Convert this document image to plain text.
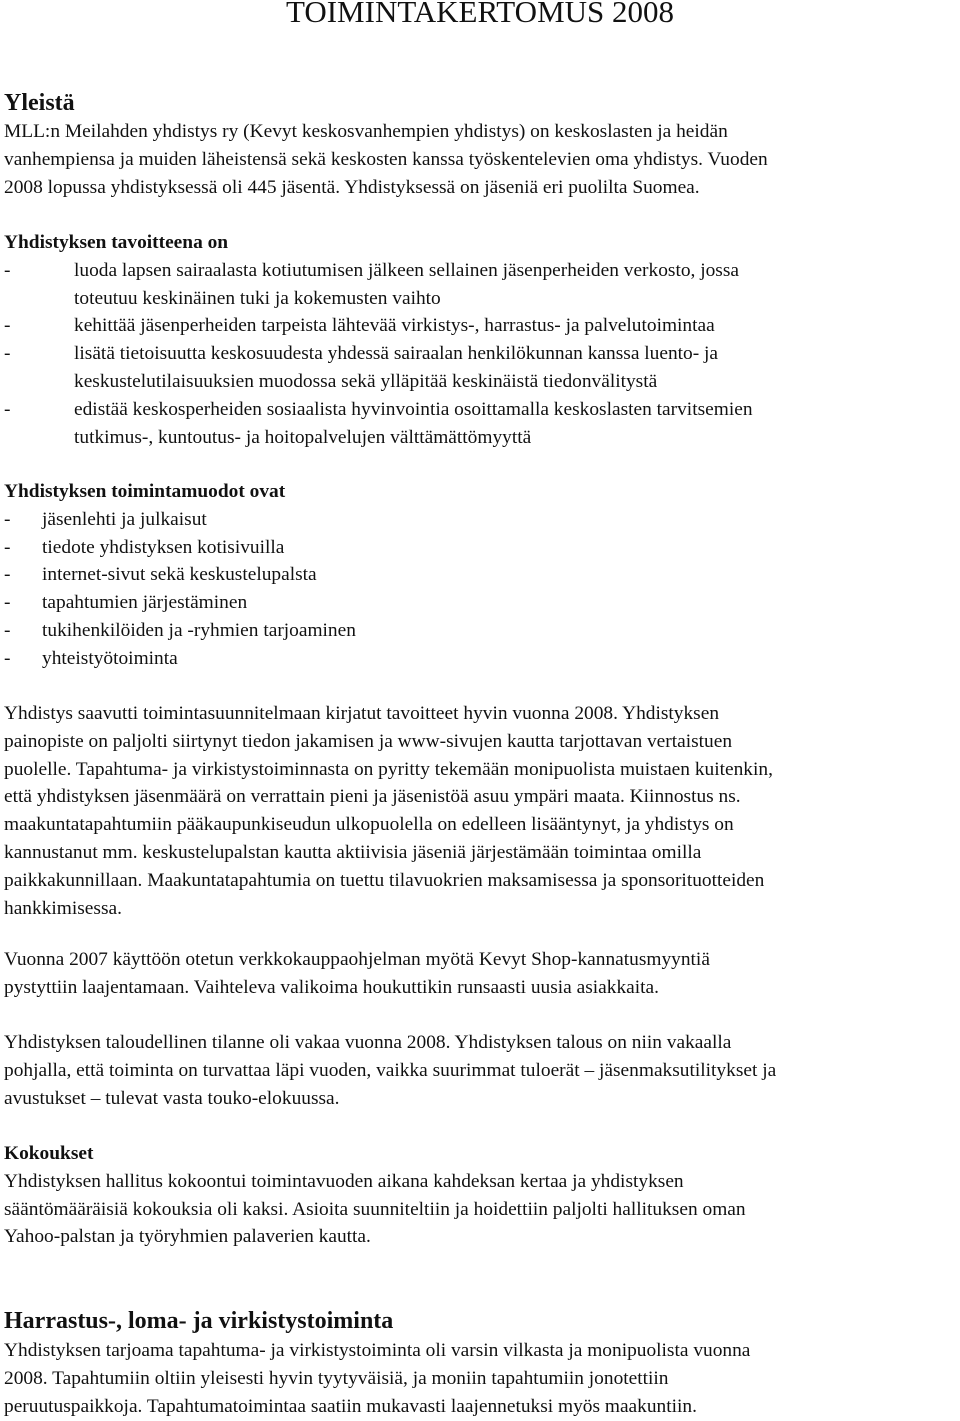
TOIMINTAKERTOMUS 2008
Yleistä
MLL:n Meilahden yhdistys ry (Kevyt keskosvanhempien yhdistys) on keskoslasten ja heidän
vanhempiensa ja muiden läheistensä sekä keskosten kanssa työskentelevien oma yhdistys. Vuoden
2008 lopussa yhdistyksessä oli 445 jäsentä. Yhdistyksessä on jäseniä eri puolilta Suomea.
Yhdistyksen tavoitteena on
-	luoda lapsen sairaalasta kotiutumisen jälkeen sellainen jäsenperheiden verkosto, jossa
toteutuu keskinäinen tuki ja kokemusten vaihto
-	kehittää jäsenperheiden tarpeista lähtevää virkistys-, harrastus- ja palvelutoimintaa
-	lisätä tietoisuutta keskosuudesta yhdessä sairaalan henkilökunnan kanssa luento- ja
keskustelutilaisuuksien muodossa sekä ylläpitää keskinäistä tiedonvälitystä
-	edistää keskosperheiden sosiaalista hyvinvointia osoittamalla keskoslasten tarvitsemien
tutkimus-, kuntoutus- ja hoitopalvelujen välttämättömyyttä
Yhdistyksen toimintamuodot ovat
- jäsenlehti ja julkaisut
- tiedote yhdistyksen kotisivuilla
- internet-sivut sekä keskustelupalsta
- tapahtumien järjestäminen
- tukihenkilöiden ja -ryhmien tarjoaminen
- yhteistyötoiminta
Yhdistys saavutti toimintasuunnitelmaan kirjatut tavoitteet hyvin vuonna 2008. Yhdistyksen
painopiste on paljolti siirtynyt tiedon jakamisen ja www-sivujen kautta tarjottavan vertaistuen
puolelle. Tapahtuma- ja virkistystoiminnasta on pyritty tekemään monipuolista muistaen kuitenkin,
että yhdistyksen jäsenmäärä on verrattain pieni ja jäsenistöä asuu ympäri maata. Kiinnostus ns.
maakuntatapahtumiin pääkaupunkiseudun ulkopuolella on edelleen lisääntynyt, ja yhdistys on
kannustanut mm. keskustelupalstan kautta aktiivisia jäseniä järjestämään toimintaa omilla
paikkakunnillaan. Maakuntatapahtumia on tuettu tilavuokrien maksamisessa ja sponsorituotteiden
hankkimisessa.
Vuonna 2007 käyttöön otetun verkkokauppaohjelman myötä Kevyt Shop-kannatusmyyntiä
pystyttiin laajentamaan. Vaihteleva valikoima houkuttikin runsaasti uusia asiakkaita.
Yhdistyksen taloudellinen tilanne oli vakaa vuonna 2008. Yhdistyksen talous on niin vakaalla
pohjalla, että toiminta on turvattaa läpi vuoden, vaikka suurimmat tuloerät – jäsenmaksutilitykset ja
avustukset – tulevat vasta touko-elokuussa.
Kokoukset
Yhdistyksen hallitus kokoontui toimintavuoden aikana kahdeksan kertaa ja yhdistyksen
sääntömääräisiä kokouksia oli kaksi. Asioita suunniteltiin ja hoidettiin paljolti hallituksen oman
Yahoo-palstan ja työryhmien palaverien kautta.
Harrastus-, loma- ja virkistystoiminta
Yhdistyksen tarjoama tapahtuma- ja virkistystoiminta oli varsin vilkasta ja monipuolista vuonna
2008. Tapahtumiin oltiin yleisesti hyvin tyytyväisiä, ja moniin tapahtumiin jonotettiin
peruutuspaikkoja. Tapahtumatoimintaa saatiin mukavasti laajennetuksi myös maakuntiin.
